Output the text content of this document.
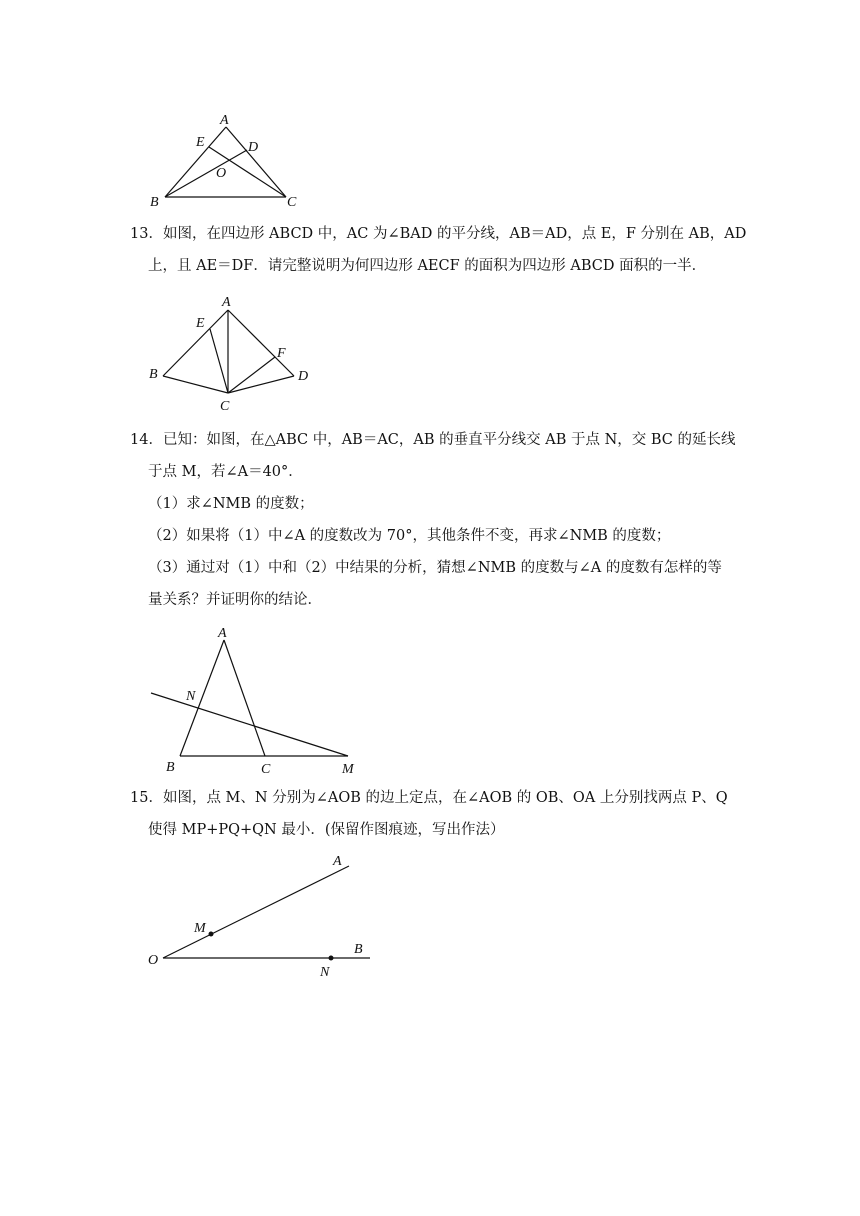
A
E	D
O
B	C
13．如图，在四边形 ABCD 中，AC 为∠BAD 的平分线，AB＝AD，点 E，F 分别在 AB，AD
上，且 AE＝DF．请完整说明为何四边形 AECF 的面积为四边形 ABCD 面积的一半．
A
E
F
B
C
D
14．已知：如图，在△ABC 中，AB＝AC，AB 的垂直平分线交 AB 于点 N，交 BC 的延长线
于点 M，若∠A＝40°．
（1）求∠NMB 的度数；
（2）如果将（1）中∠A 的度数改为 70°，其他条件不变，再求∠NMB 的度数；
（3）通过对（1）中和（2）中结果的分析，猜想∠NMB 的度数与∠A 的度数有怎样的等
量关系？并证明你的结论．
A
N
B	C	M
15．如图，点 M、N 分别为∠AOB 的边上定点，在∠AOB 的 OB、OA 上分别找两点 P、Q
使得 MP+PQ+QN 最小．(保留作图痕迹，写出作法）
A
M
O
B
N
